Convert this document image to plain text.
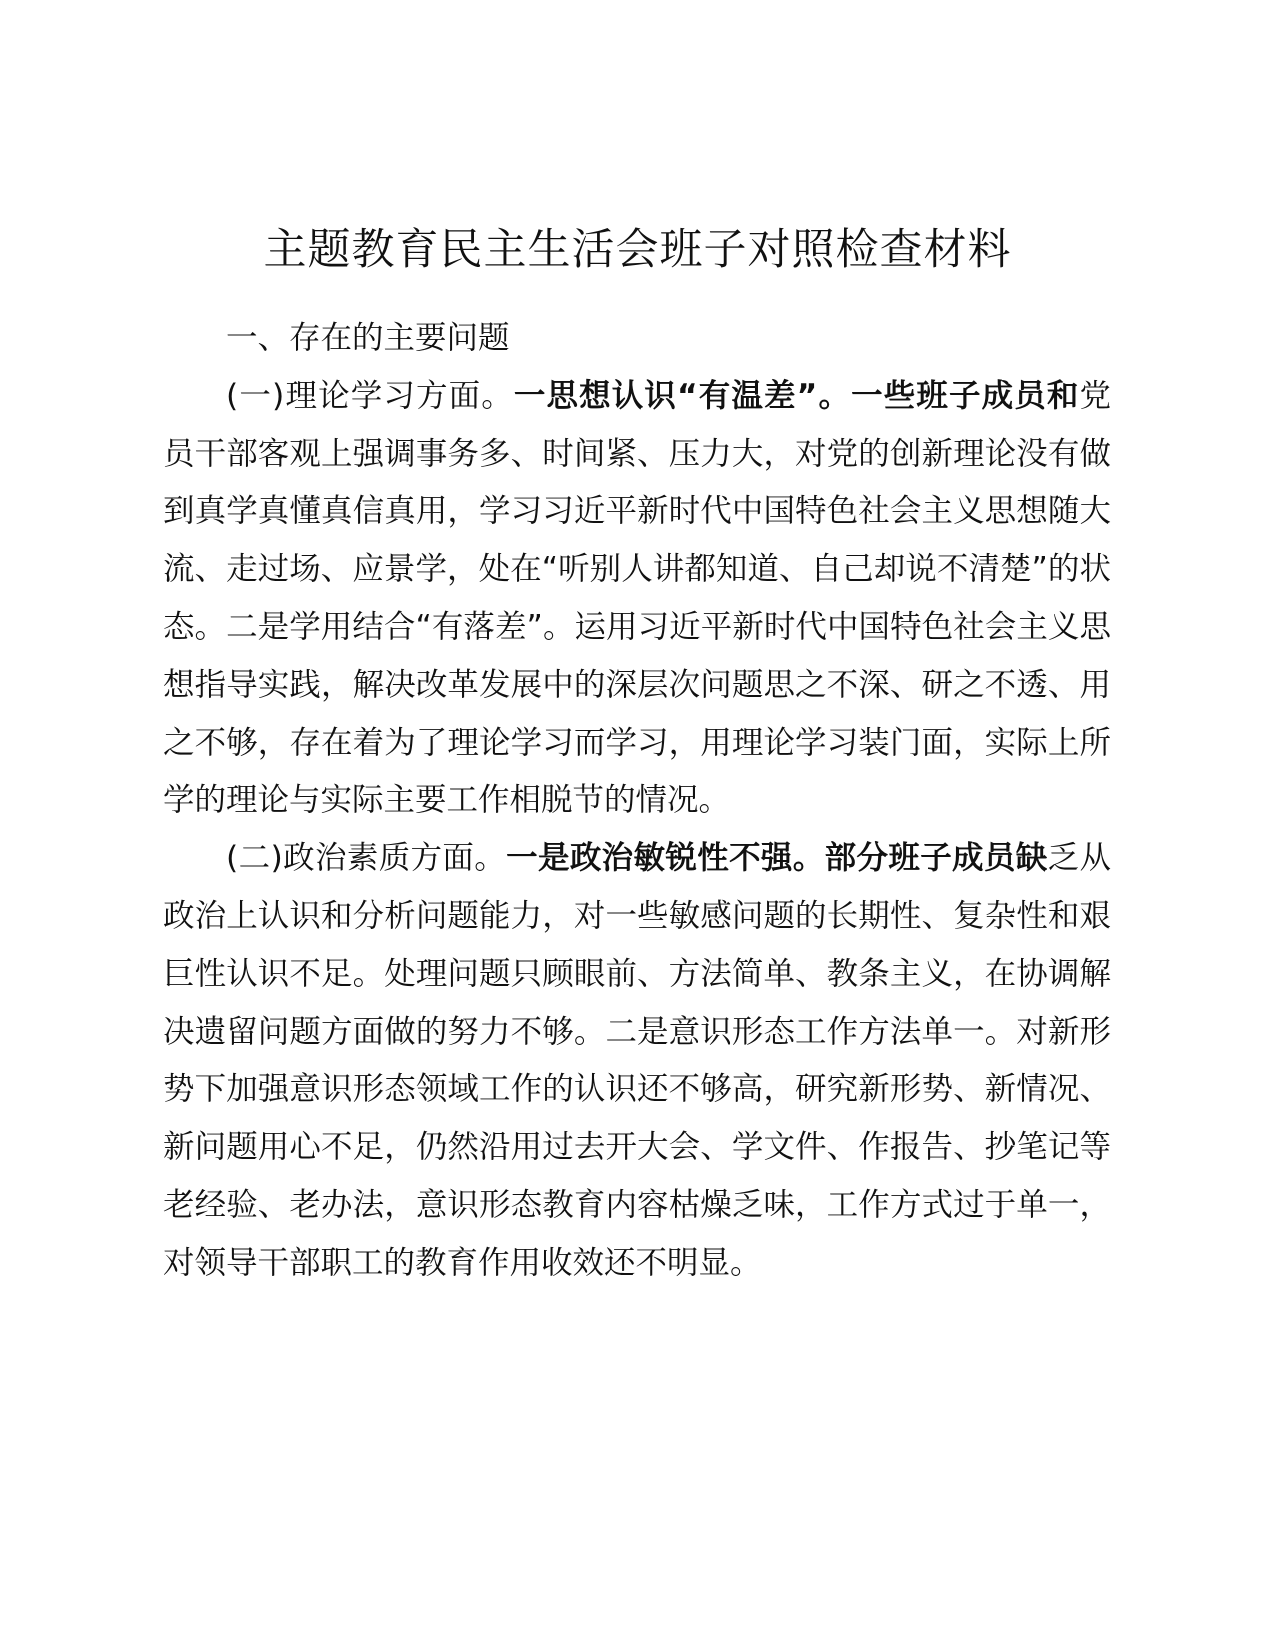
主题教育民主生活会班子对照检查材料

一、存在的主要问题

(一)理论学习方面。一思想认识“有温差”。一些班子成员和党员干部客观上强调事务多、时间紧、压力大，对党的创新理论没有做到真学真懂真信真用，学习习近平新时代中国特色社会主义思想随大流、走过场、应景学，处在“听别人讲都知道、自己却说不清楚”的状态。二是学用结合“有落差”。运用习近平新时代中国特色社会主义思想指导实践，解决改革发展中的深层次问题思之不深、研之不透、用之不够，存在着为了理论学习而学习，用理论学习装门面，实际上所学的理论与实际主要工作相脱节的情况。

(二)政治素质方面。一是政治敏锐性不强。部分班子成员缺乏从政治上认识和分析问题能力，对一些敏感问题的长期性、复杂性和艰巨性认识不足。处理问题只顾眼前、方法简单、教条主义，在协调解决遗留问题方面做的努力不够。二是意识形态工作方法单一。对新形势下加强意识形态领域工作的认识还不够高，研究新形势、新情况、新问题用心不足，仍然沿用过去开大会、学文件、作报告、抄笔记等老经验、老办法，意识形态教育内容枯燥乏味，工作方式过于单一，对领导干部职工的教育作用收效还不明显。
